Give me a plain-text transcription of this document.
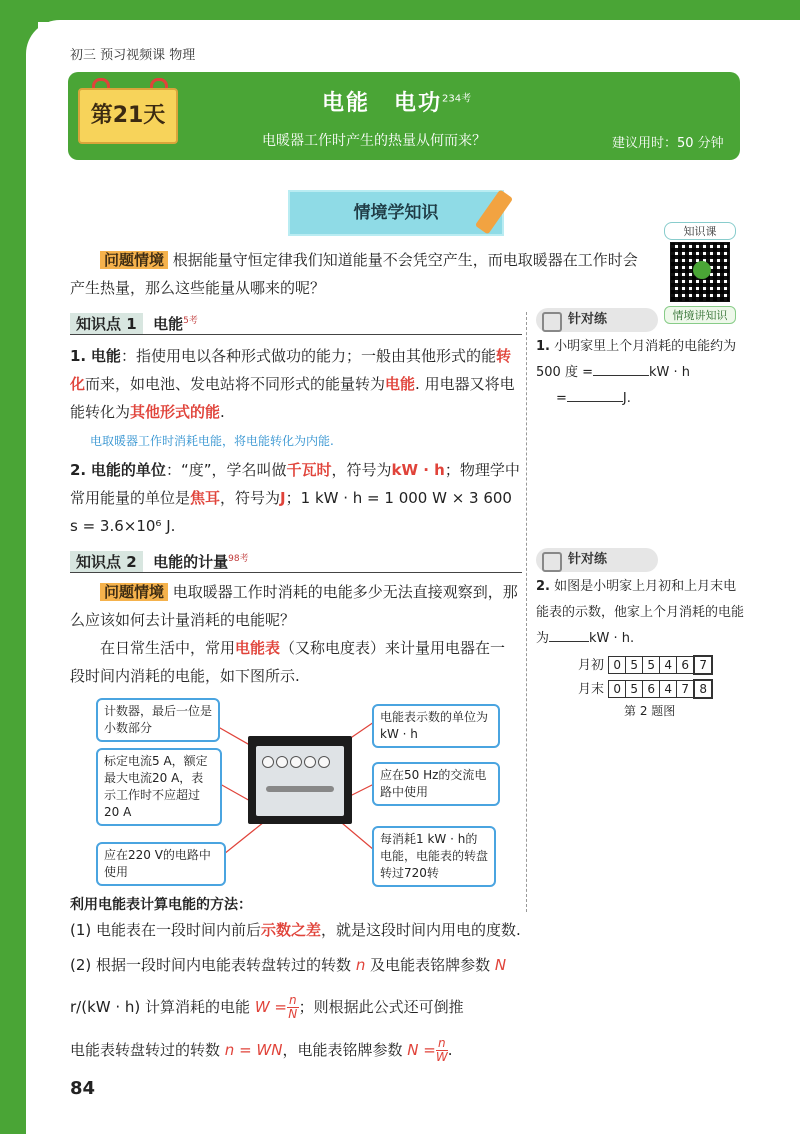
初三 预习视频课 物理
第21天	电能　电功$^{234考}$
电暖器工作时产生的热量从何而来？	建议用时：50 分钟
情境学知识
知识课
情境讲知识
问题情境 根据能量守恒定律我们知道能量不会凭空产生，而电取暖器在工作时会产生热量，那么这些能量从哪来的呢？
知识点 1 电能$^{5考}$
1. 电能：指使用电以各种形式做功的能力；一般由其他形式的能转化而来，如电池、发电站将不同形式的能量转为电能. 用电器又将电能转化为其他形式的能.
电取暖器工作时消耗电能，将电能转化为内能.
2. 电能的单位：“度”，学名叫做千瓦时，符号为kW · h；物理学中常用能量的单位是焦耳，符号为J；1 kW · h = 1 000 W × 3 600 s = 3.6×10⁶ J.
知识点 2 电能的计量$^{98考}$
问题情境 电取暖器工作时消耗的电能多少无法直接观察到，那么应该如何去计量消耗的电能呢？
在日常生活中，常用电能表（又称电度表）来计量用电器在一段时间内消耗的电能，如下图所示.
计数器，最后一位是小数部分
标定电流5 A，额定最大电流20 A，表示工作时不应超过20 A
应在220 V的电路中使用
电能表示数的单位为kW · h
应在50 Hz的交流电路中使用
每消耗1 kW · h的电能，电能表的转盘转过720转
利用电能表计算电能的方法：
(1) 电能表在一段时间内前后示数之差，就是这段时间内用电的度数.
(2) 根据一段时间内电能表转盘转过的转数 n 及电能表铭牌参数 N r/(kW · h) 计算消耗的电能 $W = \frac{n}{N}$ ；则根据此公式还可倒推
电能表转盘转过的转数 n = WN，电能表铭牌参数 $N = \frac{n}{W}$ .
针对练
1. 小明家里上个月消耗的电能约为 500 度 =	kW · h
=	J.
针对练
2. 如图是小明家上月初和上月末电能表的示数，他家上个月消耗的电能为	kW · h.
月初 0 5 5 4 6 7
月末 0 5 6 4 7 8
第 2 题图
84
